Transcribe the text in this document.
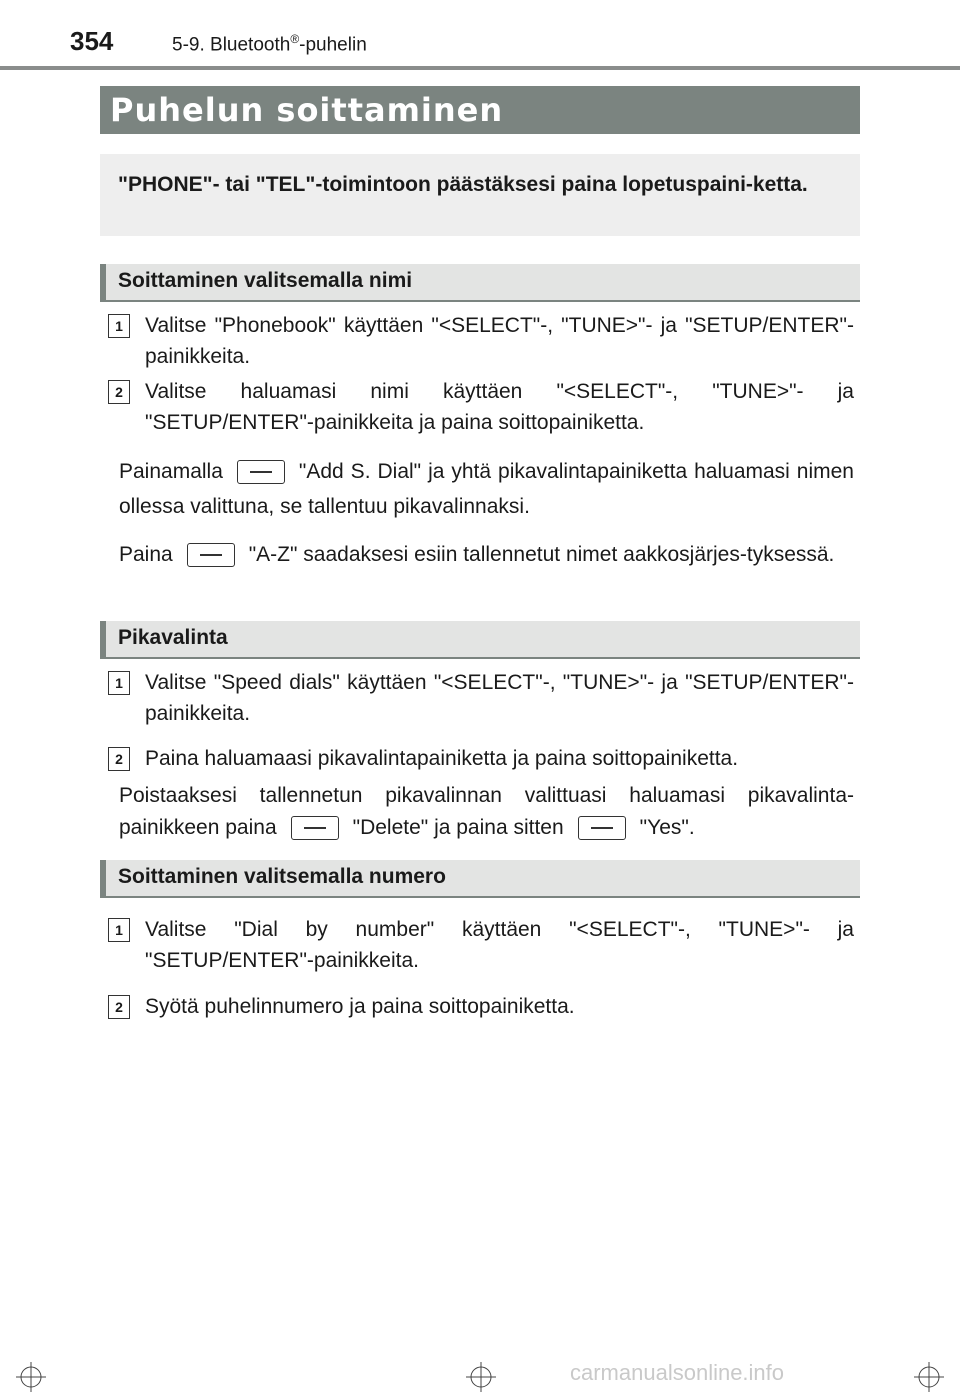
354	5-9. Bluetooth®-puhelin
Puhelun soittaminen
"PHONE"- tai "TEL"-toimintoon päästäksesi paina lopetuspaini-ketta.
Soittaminen valitsemalla nimi
1	Valitse "Phonebook" käyttäen "<SELECT"-, "TUNE>"- ja "SETUP/ENTER"-painikkeita.
2	Valitse haluamasi nimi käyttäen "<SELECT"-, "TUNE>"- ja "SETUP/ENTER"-painikkeita ja paina soittopainiketta.
Painamalla	"Add S. Dial" ja yhtä pikavalintapainiketta haluamasi nimen ollessa valittuna, se tallentuu pikavalinnaksi.
Paina	"A-Z" saadaksesi esiin tallennetut nimet aakkosjärjes-tyksessä.
Pikavalinta
1	Valitse "Speed dials" käyttäen "<SELECT"-, "TUNE>"- ja "SETUP/ENTER"-painikkeita.
2	Paina haluamaasi pikavalintapainiketta ja paina soittopainiketta.
Poistaaksesi tallennetun pikavalinnan valittuasi haluamasi pikavalinta-painikkeen paina	"Delete" ja paina sitten	"Yes".
Soittaminen valitsemalla numero
1	Valitse "Dial by number" käyttäen "<SELECT"-, "TUNE>"- ja "SETUP/ENTER"-painikkeita.
2	Syötä puhelinnumero ja paina soittopainiketta.
carmanualsonline.info
